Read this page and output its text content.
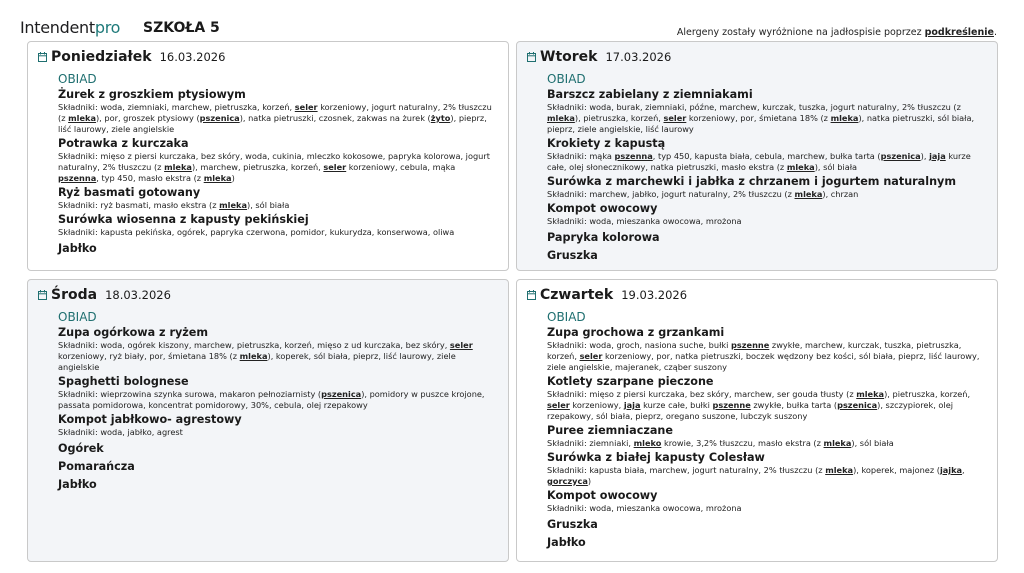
Intendentpro SZKOŁA 5	Alergeny zostały wyróżnione na jadłospisie poprzez podkreślenie.
Poniedziałek 16.03.2026
OBIAD
Żurek z groszkiem ptysiowym
Składniki: woda, ziemniaki, marchew, pietruszka, korzeń, seler korzeniowy, jogurt naturalny, 2% tłuszczu (z mleka), por, groszek ptysiowy (pszenica), natka pietruszki, czosnek, zakwas na żurek (żyto), pieprz, liść laurowy, ziele angielskie
Potrawka z kurczaka
Składniki: mięso z piersi kurczaka, bez skóry, woda, cukinia, mleczko kokosowe, papryka kolorowa, jogurt naturalny, 2% tłuszczu (z mleka), marchew, pietruszka, korzeń, seler korzeniowy, cebula, mąka pszenna, typ 450, masło ekstra (z mleka)
Ryż basmati gotowany
Składniki: ryż basmati, masło ekstra (z mleka), sól biała
Surówka wiosenna z kapusty pekińskiej
Składniki: kapusta pekińska, ogórek, papryka czerwona, pomidor, kukurydza, konserwowa, oliwa
Jabłko
Wtorek 17.03.2026
OBIAD
Barszcz zabielany z ziemniakami
Składniki: woda, burak, ziemniaki, późne, marchew, kurczak, tuszka, jogurt naturalny, 2% tłuszczu (z mleka), pietruszka, korzeń, seler korzeniowy, por, śmietana 18% (z mleka), natka pietruszki, sól biała, pieprz, ziele angielskie, liść laurowy
Krokiety z kapustą
Składniki: mąka pszenna, typ 450, kapusta biała, cebula, marchew, bułka tarta (pszenica), jaja kurze całe, olej słonecznikowy, natka pietruszki, masło ekstra (z mleka), sól biała
Surówka z marchewki i jabłka z chrzanem i jogurtem naturalnym
Składniki: marchew, jabłko, jogurt naturalny, 2% tłuszczu (z mleka), chrzan
Kompot owocowy
Składniki: woda, mieszanka owocowa, mrożona
Papryka kolorowa
Gruszka
Środa 18.03.2026
OBIAD
Zupa ogórkowa z ryżem
Składniki: woda, ogórek kiszony, marchew, pietruszka, korzeń, mięso z ud kurczaka, bez skóry, seler korzeniowy, ryż biały, por, śmietana 18% (z mleka), koperek, sól biała, pieprz, liść laurowy, ziele angielskie
Spaghetti bolognese
Składniki: wieprzowina szynka surowa, makaron pełnoziarnisty (pszenica), pomidory w puszce krojone, passata pomidorowa, koncentrat pomidorowy, 30%, cebula, olej rzepakowy
Kompot jabłkowo- agrestowy
Składniki: woda, jabłko, agrest
Ogórek
Pomarańcza
Jabłko
Czwartek 19.03.2026
OBIAD
Zupa grochowa z grzankami
Składniki: woda, groch, nasiona suche, bułki pszenne zwykłe, marchew, kurczak, tuszka, pietruszka, korzeń, seler korzeniowy, por, natka pietruszki, boczek wędzony bez kości, sól biała, pieprz, liść laurowy, ziele angielskie, majeranek, cząber suszony
Kotlety szarpane pieczone
Składniki: mięso z piersi kurczaka, bez skóry, marchew, ser gouda tłusty (z mleka), pietruszka, korzeń, seler korzeniowy, jaja kurze całe, bułki pszenne zwykłe, bułka tarta (pszenica), szczypiorek, olej rzepakowy, sól biała, pieprz, oregano suszone, lubczyk suszony
Puree ziemniaczane
Składniki: ziemniaki, mleko krowie, 3,2% tłuszczu, masło ekstra (z mleka), sól biała
Surówka z białej kapusty Colesław
Składniki: kapusta biała, marchew, jogurt naturalny, 2% tłuszczu (z mleka), koperek, majonez (jajka, gorczyca)
Kompot owocowy
Składniki: woda, mieszanka owocowa, mrożona
Gruszka
Jabłko
